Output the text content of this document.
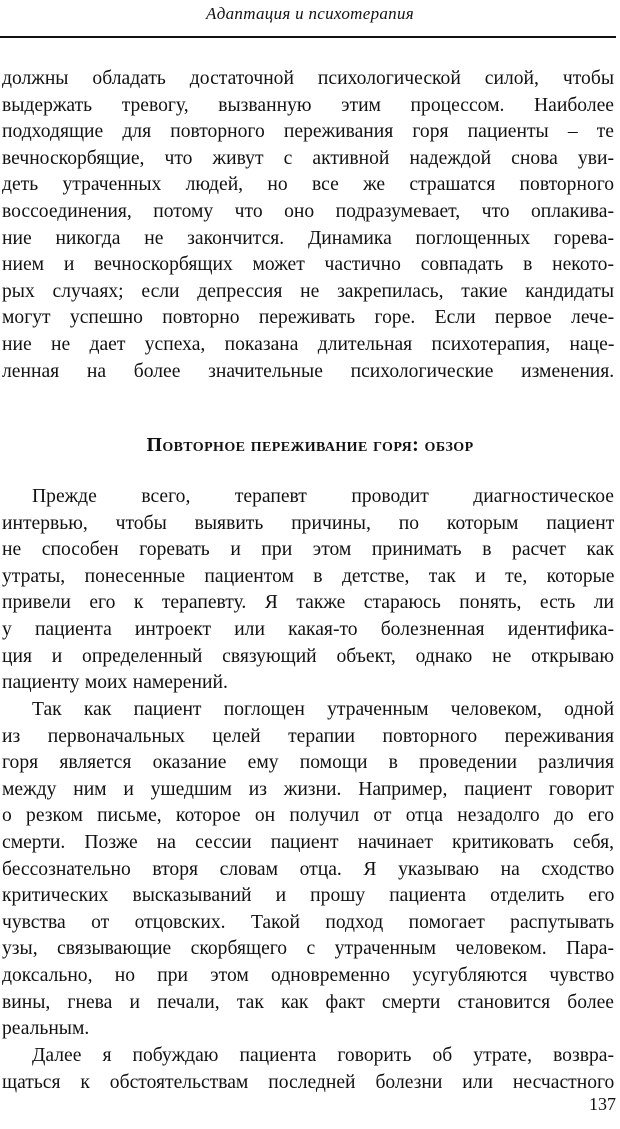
Адаптация и психотерапия
должны обладать достаточной психологической силой, чтобы
выдержать тревогу, вызванную этим процессом. Наиболее
подходящие для повторного переживания горя пациенты – те
вечноскорбящие, что живут с активной надеждой снова уви-
деть утраченных людей, но все же страшатся повторного
воссоединения, потому что оно подразумевает, что оплакива-
ние никогда не закончится. Динамика поглощенных горева-
нием и вечноскорбящих может частично совпадать в некото-
рых случаях; если депрессия не закрепилась, такие кандидаты
могут успешно повторно переживать горе. Если первое лече-
ние не дает успеха, показана длительная психотерапия, наце-
ленная на более значительные психологические изменения.
Повторное переживание горя: обзор
Прежде всего, терапевт проводит диагностическое
интервью, чтобы выявить причины, по которым пациент
не способен горевать и при этом принимать в расчет как
утраты, понесенные пациентом в детстве, так и те, которые
привели его к терапевту. Я также стараюсь понять, есть ли
у пациента интроект или какая-то болезненная идентифика-
ция и определенный связующий объект, однако не открываю
пациенту моих намерений.
Так как пациент поглощен утраченным человеком, одной
из первоначальных целей терапии повторного переживания
горя является оказание ему помощи в проведении различия
между ним и ушедшим из жизни. Например, пациент говорит
о резком письме, которое он получил от отца незадолго до его
смерти. Позже на сессии пациент начинает критиковать себя,
бессознательно вторя словам отца. Я указываю на сходство
критических высказываний и прошу пациента отделить его
чувства от отцовских. Такой подход помогает распутывать
узы, связывающие скорбящего с утраченным человеком. Пара-
доксально, но при этом одновременно усугубляются чувство
вины, гнева и печали, так как факт смерти становится более
реальным.
Далее я побуждаю пациента говорить об утрате, возвра-
щаться к обстоятельствам последней болезни или несчастного
137
